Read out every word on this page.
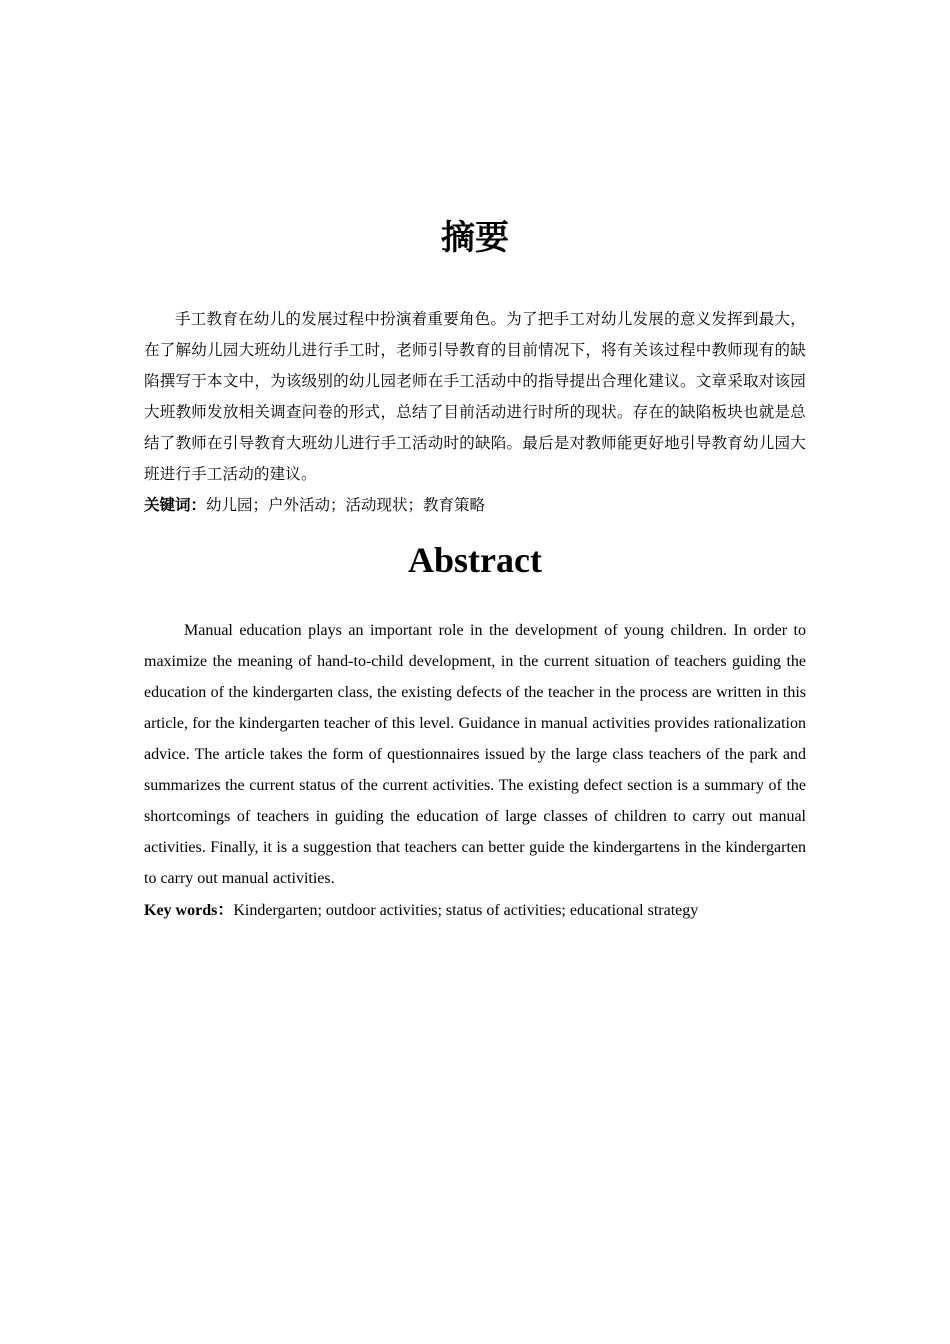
摘要

手工教育在幼儿的发展过程中扮演着重要角色。为了把手工对幼儿发展的意义发挥到最大，在了解幼儿园大班幼儿进行手工时，老师引导教育的目前情况下，将有关该过程中教师现有的缺陷撰写于本文中，为该级别的幼儿园老师在手工活动中的指导提出合理化建议。文章采取对该园大班教师发放相关调查问卷的形式，总结了目前活动进行时所的现状。存在的缺陷板块也就是总结了教师在引导教育大班幼儿进行手工活动时的缺陷。最后是对教师能更好地引导教育幼儿园大班进行手工活动的建议。

关键词：幼儿园；户外活动；活动现状；教育策略

Abstract

Manual education plays an important role in the development of young children. In order to maximize the meaning of hand-to-child development, in the current situation of teachers guiding the education of the kindergarten class, the existing defects of the teacher in the process are written in this article, for the kindergarten teacher of this level. Guidance in manual activities provides rationalization advice. The article takes the form of questionnaires issued by the large class teachers of the park and summarizes the current status of the current activities. The existing defect section is a summary of the shortcomings of teachers in guiding the education of large classes of children to carry out manual activities. Finally, it is a suggestion that teachers can better guide the kindergartens in the kindergarten to carry out manual activities.

Key words：Kindergarten; outdoor activities; status of activities; educational strategy
